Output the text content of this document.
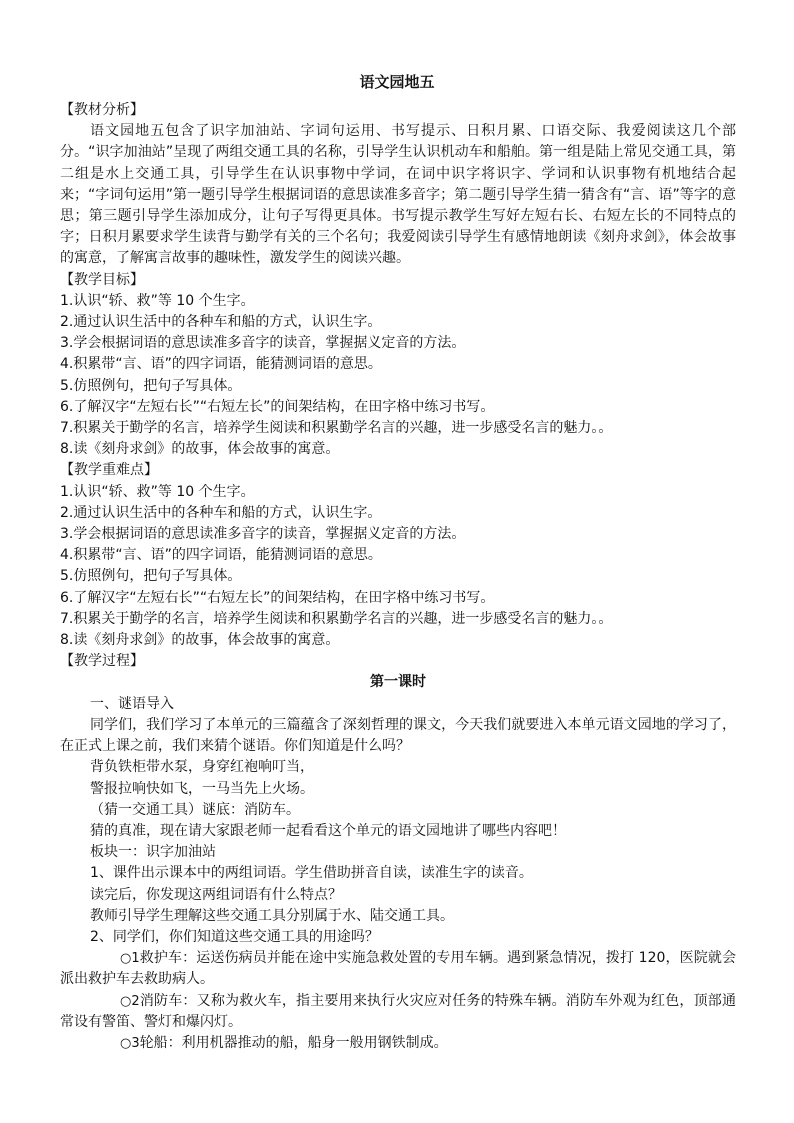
语文园地五

【教材分析】

语文园地五包含了识字加油站、字词句运用、书写提示、日积月累、口语交际、我爱阅读这几个部分。“识字加油站”呈现了两组交通工具的名称，引导学生认识机动车和船舶。第一组是陆上常见交通工具，第二组是水上交通工具，引导学生在认识事物中学词，在词中识字将识字、学词和认识事物有机地结合起来；“字词句运用”第一题引导学生根据词语的意思读准多音字；第二题引导学生猜一猜含有“言、语”等字的意思；第三题引导学生添加成分，让句子写得更具体。书写提示教学生写好左短右长、右短左长的不同特点的字；日积月累要求学生读背与勤学有关的三个名句；我爱阅读引导学生有感情地朗读《刻舟求剑》，体会故事的寓意，了解寓言故事的趣味性，激发学生的阅读兴趣。

【教学目标】

1.认识“轿、救”等 10 个生字。

2.通过认识生活中的各种车和船的方式，认识生字。

3.学会根据词语的意思读准多音字的读音，掌握据义定音的方法。

4.积累带“言、语”的四字词语，能猜测词语的意思。

5.仿照例句，把句子写具体。

6.了解汉字“左短右长”“右短左长”的间架结构，在田字格中练习书写。

7.积累关于勤学的名言，培养学生阅读和积累勤学名言的兴趣，进一步感受名言的魅力。。

8.读《刻舟求剑》的故事，体会故事的寓意。

【教学重难点】

1.认识“轿、救”等 10 个生字。

2.通过认识生活中的各种车和船的方式，认识生字。

3.学会根据词语的意思读准多音字的读音，掌握据义定音的方法。

4.积累带“言、语”的四字词语，能猜测词语的意思。

5.仿照例句，把句子写具体。

6.了解汉字“左短右长”“右短左长”的间架结构，在田字格中练习书写。

7.积累关于勤学的名言，培养学生阅读和积累勤学名言的兴趣，进一步感受名言的魅力。。

8.读《刻舟求剑》的故事，体会故事的寓意。

【教学过程】

第一课时

一、谜语导入

同学们，我们学习了本单元的三篇蕴含了深刻哲理的课文，今天我们就要进入本单元语文园地的学习了，在正式上课之前，我们来猜个谜语。你们知道是什么吗？

背负铁柜带水泵，身穿红袍响叮当，

警报拉响快如飞，一马当先上火场。

（猜一交通工具）谜底：消防车。

猜的真准，现在请大家跟老师一起看看这个单元的语文园地讲了哪些内容吧！

板块一：识字加油站

1、课件出示课本中的两组词语。学生借助拼音自读，读准生字的读音。

读完后，你发现这两组词语有什么特点？

教师引导学生理解这些交通工具分别属于水、陆交通工具。

2、同学们，你们知道这些交通工具的用途吗？

○1救护车：运送伤病员并能在途中实施急救处置的专用车辆。遇到紧急情况，拨打 120，医院就会派出救护车去救助病人。

○2消防车：又称为救火车，指主要用来执行火灾应对任务的特殊车辆。消防车外观为红色，顶部通常设有警笛、警灯和爆闪灯。

○3轮船：利用机器推动的船，船身一般用钢铁制成。
